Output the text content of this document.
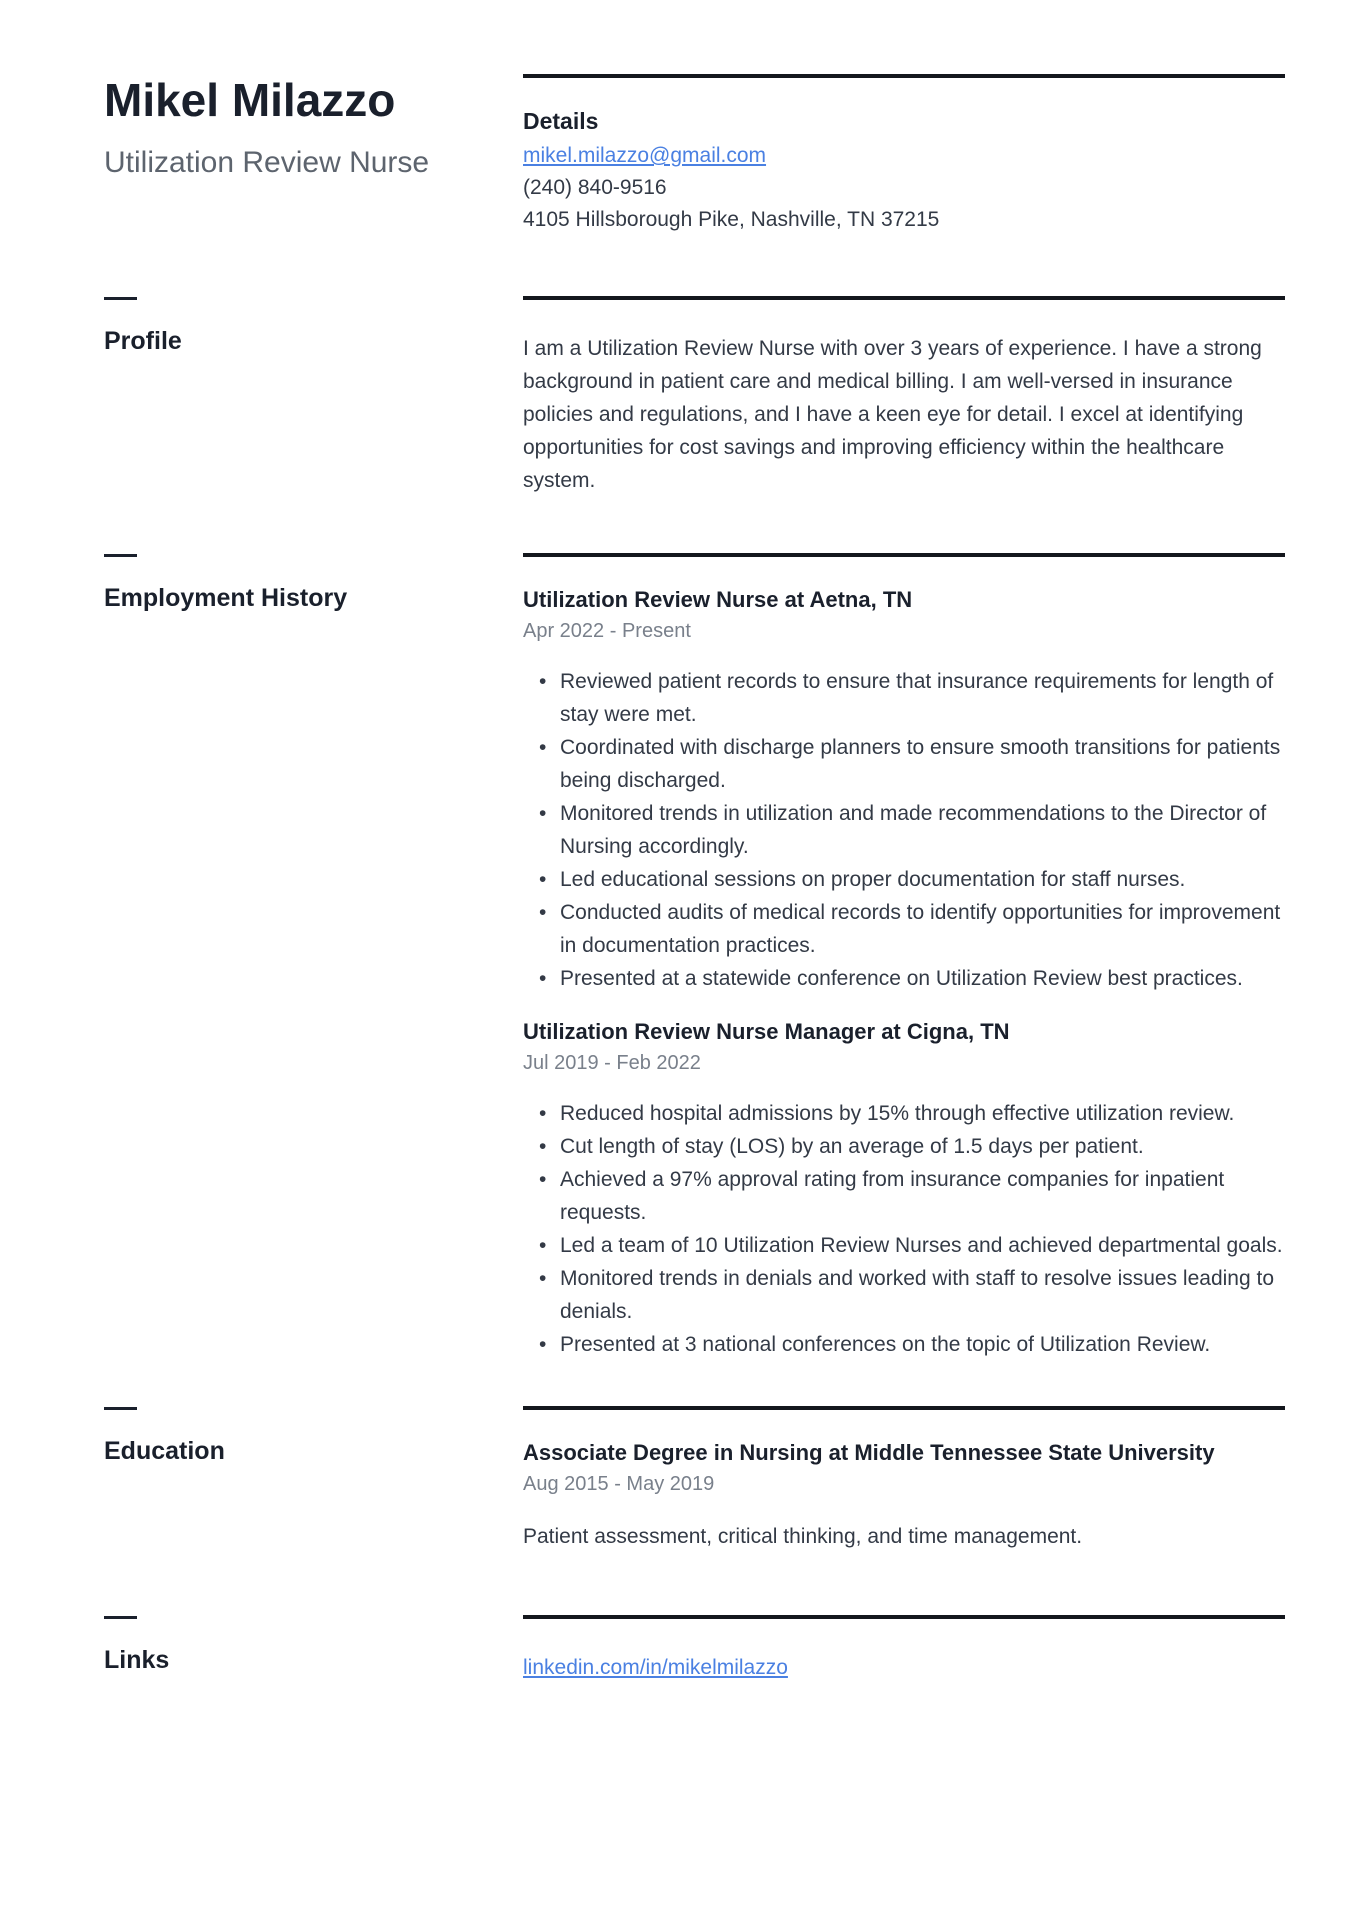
Mikel Milazzo
Utilization Review Nurse
Details
mikel.milazzo@gmail.com
(240) 840-9516
4105 Hillsborough Pike, Nashville, TN 37215
Profile	I am a Utilization Review Nurse with over 3 years of experience. I have a strong background in patient care and medical billing. I am well-versed in insurance policies and regulations, and I have a keen eye for detail. I excel at identifying opportunities for cost savings and improving efficiency within the healthcare system.

Employment History	Utilization Review Nurse at Aetna, TN
Apr 2022 - Present
• Reviewed patient records to ensure that insurance requirements for length of stay were met.
• Coordinated with discharge planners to ensure smooth transitions for patients being discharged.
• Monitored trends in utilization and made recommendations to the Director of Nursing accordingly.
• Led educational sessions on proper documentation for staff nurses.
• Conducted audits of medical records to identify opportunities for improvement in documentation practices.
• Presented at a statewide conference on Utilization Review best practices.
Utilization Review Nurse Manager at Cigna, TN
Jul 2019 - Feb 2022
• Reduced hospital admissions by 15% through effective utilization review.
• Cut length of stay (LOS) by an average of 1.5 days per patient.
• Achieved a 97% approval rating from insurance companies for inpatient requests.
• Led a team of 10 Utilization Review Nurses and achieved departmental goals.
• Monitored trends in denials and worked with staff to resolve issues leading to denials.
• Presented at 3 national conferences on the topic of Utilization Review.
Education	Associate Degree in Nursing at Middle Tennessee State University
Aug 2015 - May 2019

Patient assessment, critical thinking, and time management.

Links	linkedin.com/in/mikelmilazzo
